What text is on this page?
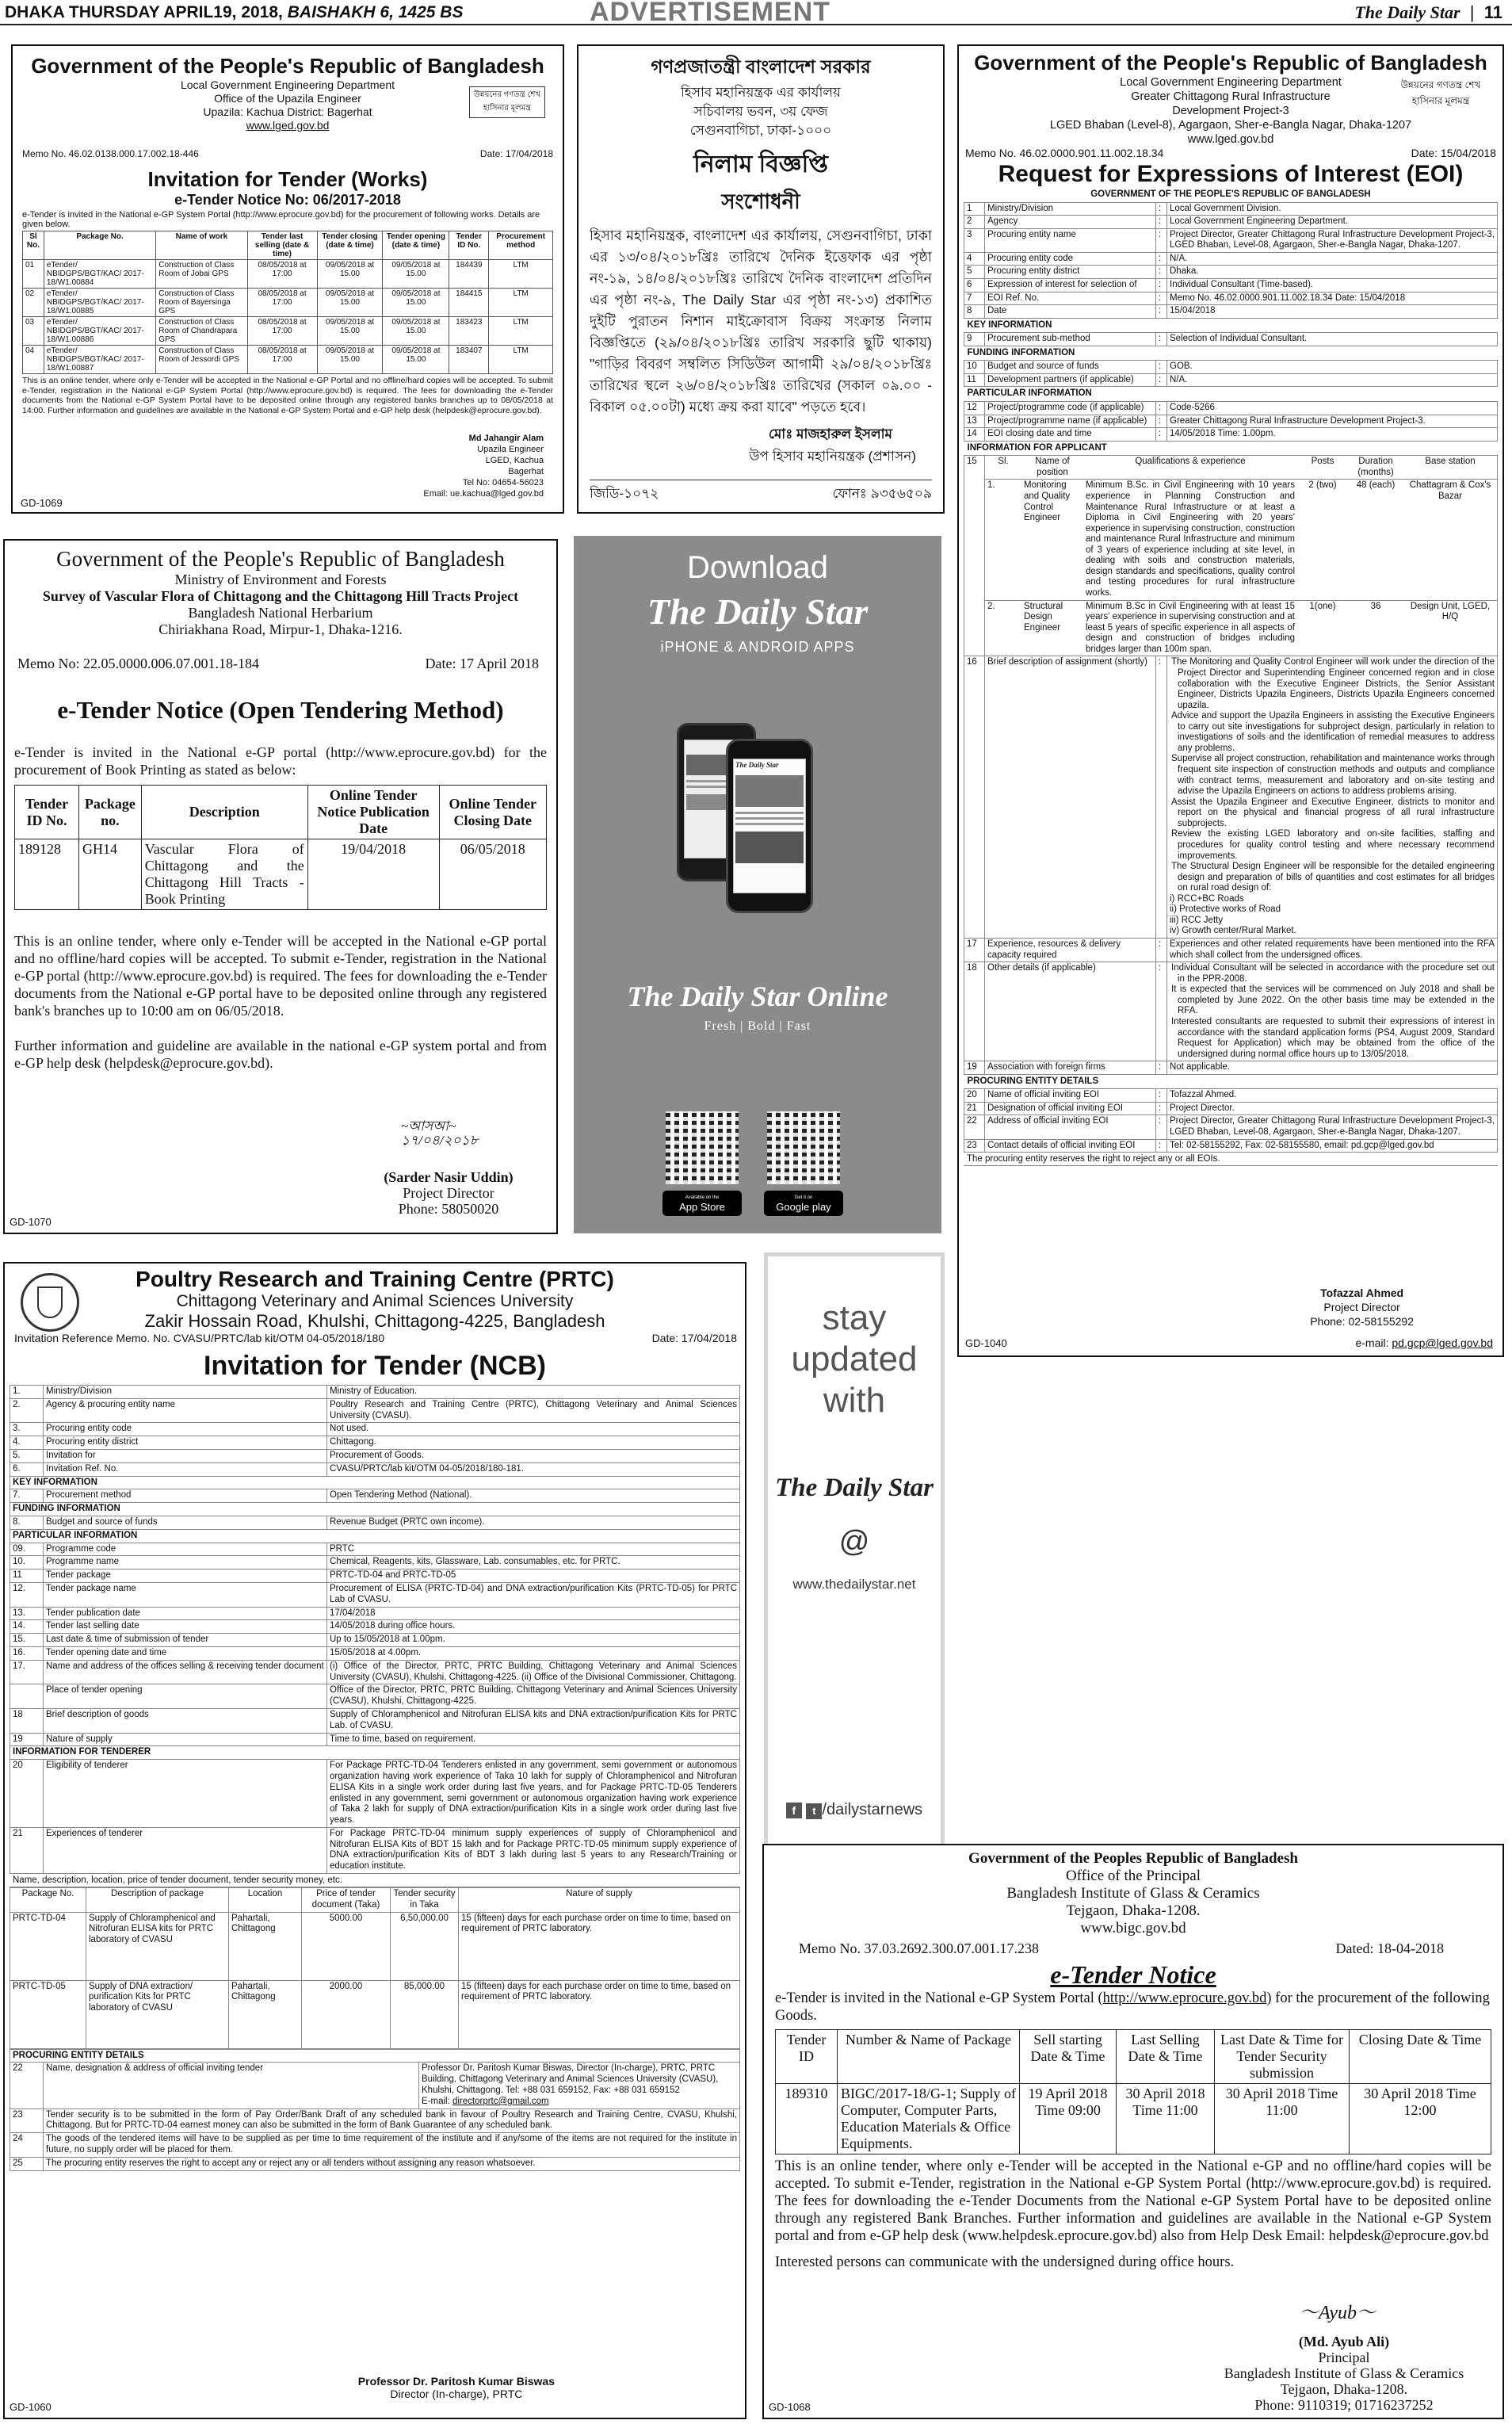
DHAKA THURSDAY APRIL19, 2018, BAISHAKH 6, 1425 BS	ADVERTISEMENT	The Daily Star  |  11
Government of the People's Republic of Bangladesh
Local Government Engineering Department
Office of the Upazila Engineer
Upazila: Kachua District: Bagerhat
www.lged.gov.bd
উন্নয়নের গণতন্ত্র শেখ হাসিনার মূলমন্ত্র
Memo No. 46.02.0138.000.17.002.18-446	Date: 17/04/2018
Invitation for Tender (Works)
e-Tender Notice No: 06/2017-2018
e-Tender is invited in the National e-GP System Portal (http://www.eprocure.gov.bd) for the procurement of following works. Details are given below.
Sl No.	Package No.	Name of work	Tender last selling (date & time)	Tender closing (date & time)	Tender opening (date & time)	Tender ID No.	Procurement method
01	eTender/ NBIDGPS/BGT/KAC/ 2017-18/W1.00884	Construction of Class Room of Jobai GPS	08/05/2018 at 17:00	09/05/2018 at 15.00	09/05/2018 at 15.00	184439	LTM
02	eTender/ NBIDGPS/BGT/KAC/ 2017-18/W1.00885	Construction of Class Room of Bayersinga GPS	08/05/2018 at 17:00	09/05/2018 at 15.00	09/05/2018 at 15.00	184415	LTM
03	eTender/ NBIDGPS/BGT/KAC/ 2017-18/W1.00886	Construction of Class Room of Chandrapara GPS	08/05/2018 at 17:00	09/05/2018 at 15.00	09/05/2018 at 15.00	183423	LTM
04	eTender/ NBIDGPS/BGT/KAC/ 2017-18/W1.00887	Construction of Class Room of Jessordi GPS	08/05/2018 at 17:00	09/05/2018 at 15.00	09/05/2018 at 15.00	183407	LTM
This is an online tender, where only e-Tender will be accepted in the National e-GP Portal and no offline/hard copies will be accepted. To submit e-Tender, registration in the National e-GP System Portal (http://www.eprocure.gov.bd) is required. The fees for downloading the e-Tender documents from the National e-GP System Portal have to be deposited online through any registered banks branches up to 08/05/2018 at 14:00. Further information and guidelines are available in the National e-GP System Portal and e-GP help desk (helpdesk@eprocure.gov.bd).
Md Jahangir Alam
Upazila Engineer
LGED, Kachua
Bagerhat
Tel No: 04654-56023
Email: ue.kachua@lged.gov.bd
GD-1069
গণপ্রজাতন্ত্রী বাংলাদেশ সরকার
হিসাব মহানিয়ন্ত্রক এর কার্যালয়
সচিবালয় ভবন, ৩য় ফেজ
সেগুনবাগিচা, ঢাকা-১০০০
নিলাম বিজ্ঞপ্তি
সংশোধনী
হিসাব মহানিয়ন্ত্রক, বাংলাদেশ এর কার্যালয়, সেগুনবাগিচা, ঢাকা এর ১৩/০৪/২০১৮খ্রিঃ তারিখে দৈনিক ইত্তেফাক এর পৃষ্ঠা নং-১৯, ১৪/০৪/২০১৮খ্রিঃ তারিখে দৈনিক বাংলাদেশ প্রতিদিন এর পৃষ্ঠা নং-৯, The Daily Star এর পৃষ্ঠা নং-১৩) প্রকাশিত দুইটি পুরাতন নিশান মাইক্রোবাস বিক্রয় সংক্রান্ত নিলাম বিজ্ঞপ্তিতে (২৯/০৪/২০১৮খ্রিঃ তারিখ সরকারি ছুটি থাকায়) "গাড়ির বিবরণ সম্বলিত সিডিউল আগামী ২৯/০৪/২০১৮খ্রিঃ তারিখের স্থলে ২৬/০৪/২০১৮খ্রিঃ তারিখের (সকাল ০৯.০০ - বিকাল ০৫.০০টা) মধ্যে ক্রয় করা যাবে" পড়তে হবে।
মোঃ মাজহারুল ইসলাম
উপ হিসাব মহানিয়ন্ত্রক (প্রশাসন)
জিডি-১০৭২	ফোনঃ ৯৩৫৬৫০৯
Government of the People's Republic of Bangladesh
Local Government Engineering Department
Greater Chittagong Rural Infrastructure
Development Project-3
LGED Bhaban (Level-8), Agargaon, Sher-e-Bangla Nagar, Dhaka-1207
www.lged.gov.bd
উন্নয়নের গণতন্ত্র শেখ হাসিনার মূলমন্ত্র
Memo No. 46.02.0000.901.11.002.18.34	Date: 15/04/2018
Request for Expressions of Interest (EOI)
GOVERNMENT OF THE PEOPLE'S REPUBLIC OF BANGLADESH
1	Ministry/Division	:	Local Government Division.
2	Agency	:	Local Government Engineering Department.
3	Procuring entity name	:	Project Director, Greater Chittagong Rural Infrastructure Development Project-3, LGED Bhaban, Level-08, Agargaon, Sher-e-Bangla Nagar, Dhaka-1207.
4	Procuring entity code	:	N/A.
5	Procuring entity district	:	Dhaka.
6	Expression of interest for selection of	:	Individual Consultant (Time-based).
7	EOI Ref. No.	:	Memo No. 46.02.0000.901.11.002.18.34 Date: 15/04/2018
8	Date	:	15/04/2018
KEY INFORMATION
9	Procurement sub-method	:	Selection of Individual Consultant.
FUNDING INFORMATION
10	Budget and source of funds	:	GOB.
11	Development partners (if applicable)	:	N/A.
PARTICULAR INFORMATION
12	Project/programme code (if applicable)	:	Code-5266
13	Project/programme name (if applicable)	:	Greater Chittagong Rural Infrastructure Development Project-3.
14	EOI closing date and time	:	14/05/2018 Time: 1.00pm.
INFORMATION FOR APPLICANT
15	Sl.	Name of position	Qualifications & experience	Posts	Duration (months)	Base station
1.	Monitoring and Quality Control Engineer	Minimum B.Sc. in Civil Engineering with 10 years experience in Planning Construction and Maintenance Rural Infrastructure or at least a Diploma in Civil Engineering with 20 years' experience in supervising construction, construction and maintenance Rural Infrastructure and minimum of 3 years of experience including at site level, in dealing with soils and construction materials, design standards and specifications, quality control and testing procedures for rural infrastructure works.	2 (two)	48 (each)	Chattagram & Cox's Bazar
2.	Structural Design Engineer	Minimum B.Sc in Civil Engineering with at least 15 years' experience in supervising construction and at least 5 years of specific experience in all aspects of design and construction of bridges including bridges larger than 100m span.	1(one)	36	Design Unit, LGED, H/Q

16	Brief description of assignment (shortly)	:	The Monitoring and Quality Control Engineer will work under the direction of the Project Director and Superintending Engineer concerned region and in close collaboration with the Executive Engineer Districts, the Senior Assistant Engineer, Districts Upazila Engineers, Districts Upazila Engineers concerned upazila.
Advice and support the Upazila Engineers in assisting the Executive Engineers to carry out site investigations for subproject design, particularly in relation to investigations of soils and the identification of remedial measures to address any problems.
Supervise all project construction, rehabilitation and maintenance works through frequent site inspection of construction methods and outputs and compliance with contract terms, measurement and laboratory and on-site testing and advise the Upazila Engineers on actions to address problems arising.
Assist the Upazila Engineer and Executive Engineer, districts to monitor and report on the physical and financial progress of all rural infrastructure subprojects.
Review the existing LGED laboratory and on-site facilities, staffing and procedures for quality control testing and where necessary recommend improvements.
The Structural Design Engineer will be responsible for the detailed engineering design and preparation of bills of quantities and cost estimates for all bridges on rural road design of:
i) RCC+BC Roads
ii) Protective works of Road
iii) RCC Jetty
iv) Growth center/Rural Market.

17	Experience, resources & delivery capacity required	:	Experiences and other related requirements have been mentioned into the RFA which shall collect from the undersigned offices.
18	Other details (if applicable)	:	Individual Consultant will be selected in accordance with the procedure set out in the PPR-2008.
It is expected that the services will be commenced on July 2018 and shall be completed by June 2022. On the other basis time may be extended in the RFA.
Interested consultants are requested to submit their expressions of interest in accordance with the standard application forms (PS4, August 2009, Standard Request for Application) which may be obtained from the office of the undersigned during normal office hours up to 13/05/2018.

19	Association with foreign firms	:	Not applicable.
PROCURING ENTITY DETAILS
20	Name of official inviting EOI	:	Tofazzal Ahmed.
21	Designation of official inviting EOI	:	Project Director.
22	Address of official inviting EOI	:	Project Director, Greater Chittagong Rural Infrastructure Development Project-3, LGED Bhaban, Level-08, Agargaon, Sher-e-Bangla Nagar, Dhaka-1207.
23	Contact details of official inviting EOI	:	Tel: 02-58155292, Fax: 02-58155580, email: pd.gcp@lged.gov.bd
The procuring entity reserves the right to reject any or all EOIs.
Tofazzal Ahmed
Project Director
Phone: 02-58155292
e-mail: pd.gcp@lged.gov.bd
GD-1040
Government of the People's Republic of Bangladesh
Ministry of Environment and Forests
Survey of Vascular Flora of Chittagong and the Chittagong Hill Tracts Project
Bangladesh National Herbarium
Chiriakhana Road, Mirpur-1, Dhaka-1216.
Memo No: 22.05.0000.006.07.001.18-184	Date: 17 April 2018
e-Tender Notice (Open Tendering Method)
e-Tender is invited in the National e-GP portal (http://www.eprocure.gov.bd) for the procurement of Book Printing as stated as below:
Tender ID No.	Package no.	Description	Online Tender Notice Publication Date	Online Tender Closing Date
189128	GH14	Vascular Flora of Chittagong and the Chittagong Hill Tracts - Book Printing	19/04/2018	06/05/2018
This is an online tender, where only e-Tender will be accepted in the National e-GP portal and no offline/hard copies will be accepted. To submit e-Tender, registration in the National e-GP portal (http://www.eprocure.gov.bd) is required. The fees for downloading the e-Tender documents from the National e-GP portal have to be deposited online through any registered bank's branches up to 10:00 am on 06/05/2018.
Further information and guideline are available in the national e-GP system portal and from e-GP help desk (helpdesk@eprocure.gov.bd).
~আসআ~
১৭/০৪/২০১৮
(Sarder Nasir Uddin)
Project Director
Phone: 58050020
GD-1070
Download
The Daily Star
iPHONE & ANDROID APPS
The Daily Star
The Daily Star Online
Fresh | Bold | Fast
Available on the
App Store
Get it on
Google play
stay
updated
with
The Daily Star
@
www.thedailystar.net
f t /dailystarnews
Poultry Research and Training Centre (PRTC)
Chittagong Veterinary and Animal Sciences University
Zakir Hossain Road, Khulshi, Chittagong-4225, Bangladesh
Invitation Reference Memo. No. CVASU/PRTC/lab kit/OTM 04-05/2018/180	Date: 17/04/2018
Invitation for Tender (NCB)
1.	Ministry/Division	Ministry of Education.
2.	Agency & procuring entity name	Poultry Research and Training Centre (PRTC), Chittagong Veterinary and Animal Sciences University (CVASU).
3.	Procuring entity code	Not used.
4.	Procuring entity district	Chittagong.
5.	Invitation for	Procurement of Goods.
6.	Invitation Ref. No.	CVASU/PRTC/lab kit/OTM 04-05/2018/180-181.
KEY INFORMATION		
7.	Procurement method	Open Tendering Method (National).
FUNDING INFORMATION		
8.	Budget and source of funds	Revenue Budget (PRTC own income).
PARTICULAR INFORMATION		
09.	Programme code	PRTC
10.	Programme name	Chemical, Reagents, kits, Glassware, Lab. consumables, etc. for PRTC.
11	Tender package	PRTC-TD-04 and PRTC-TD-05
12.	Tender package name	Procurement of ELISA (PRTC-TD-04) and DNA extraction/purification Kits (PRTC-TD-05) for PRTC Lab of CVASU.
13.	Tender publication date	17/04/2018
14.	Tender last selling date	14/05/2018 during office hours.
15.	Last date & time of submission of tender	Up to 15/05/2018 at 1.00pm.
16.	Tender opening date and time	15/05/2018 at 4.00pm.
17.	Name and address of the offices selling & receiving tender document	(i) Office of the Director, PRTC, PRTC Building, Chittagong Veterinary and Animal Sciences University (CVASU), Khulshi, Chittagong-4225. (ii) Office of the Divisional Commissioner, Chittagong.
	Place of tender opening	Office of the Director, PRTC, PRTC Building, Chittagong Veterinary and Animal Sciences University (CVASU), Khulshi, Chittagong-4225.
18	Brief description of goods	Supply of Chloramphenicol and Nitrofuran ELISA kits and DNA extraction/purification Kits for PRTC Lab. of CVASU.
19	Nature of supply	Time to time, based on requirement.
INFORMATION FOR TENDERER		
20	Eligibility of tenderer	For Package PRTC-TD-04 Tenderers enlisted in any government, semi government or autonomous organization having work experience of Taka 10 lakh for supply of Chloramphenicol and Nitrofuran ELISA Kits in a single work order during last five years, and for Package PRTC-TD-05 Tenderers enlisted in any government, semi government or autonomous organization having work experience of Taka 2 lakh for supply of DNA extraction/purification Kits in a single work order during last five years.
21	Experiences of tenderer	For Package PRTC-TD-04 minimum supply experiences of supply of Chloramphenicol and Nitrofuran ELISA Kits of BDT 15 lakh and for Package PRTC-TD-05 minimum supply experience of DNA extraction/purification Kits of BDT 3 lakh during last 5 years to any Research/Training or education institute.
Name, description, location, price of tender document, tender security money, etc.
Package No.	Description of package	Location	Price of tender document (Taka)	Tender security in Taka	Nature of supply
PRTC-TD-04	Supply of Chloramphenicol and Nitrofuran ELISA kits for PRTC laboratory of CVASU	Pahartali, Chittagong	5000.00	6,50,000.00	15 (fifteen) days for each purchase order on time to time, based on requirement of PRTC laboratory.
PRTC-TD-05	Supply of DNA extraction/ purification Kits for PRTC laboratory of CVASU	Pahartali, Chittagong	2000.00	85,000.00	15 (fifteen) days for each purchase order on time to time, based on requirement of PRTC laboratory.
PROCURING ENTITY DETAILS		
22	Name, designation & address of official inviting tender	Professor Dr. Paritosh Kumar Biswas, Director (In-charge), PRTC, PRTC Building, Chittagong Veterinary and Animal Sciences University (CVASU), Khulshi, Chittagong. Tel: +88 031 659152, Fax: +88 031 659152
E-mail: directorprtc@gmail.com
23	Tender security is to be submitted in the form of Pay Order/Bank Draft of any scheduled bank in favour of Poultry Research and Training Centre, CVASU, Khulshi, Chittagong. But for PRTC-TD-04 earnest money can also be submitted in the form of Bank Guarantee of any scheduled bank.	
24	The goods of the tendered items will have to be supplied as per time to time requirement of the institute and if any/some of the items are not required for the institute in future, no supply order will be placed for them.	
25	The procuring entity reserves the right to accept any or reject any or all tenders without assigning any reason whatsoever.	
Professor Dr. Paritosh Kumar Biswas
Director (In-charge), PRTC
GD-1060
Government of the Peoples Republic of Bangladesh
Office of the Principal
Bangladesh Institute of Glass & Ceramics
Tejgaon, Dhaka-1208.
www.bigc.gov.bd
Memo No. 37.03.2692.300.07.001.17.238	Dated: 18-04-2018
e-Tender Notice
e-Tender is invited in the National e-GP System Portal (http://www.eprocure.gov.bd) for the procurement of the following Goods.
Tender ID	Number & Name of Package	Sell starting Date & Time	Last Selling Date & Time	Last Date & Time for Tender Security submission	Closing Date & Time
189310	BIGC/2017-18/G-1; Supply of Computer, Computer Parts, Education Materials & Office Equipments.	19 April 2018 Time 09:00	30 April 2018 Time 11:00	30 April 2018 Time 11:00	30 April 2018 Time 12:00
This is an online tender, where only e-Tender will be accepted in the National e-GP and no offline/hard copies will be accepted. To submit e-Tender, registration in the National e-GP System Portal (http://www.eprocure.gov.bd) is required. The fees for downloading the e-Tender Documents from the National e-GP System Portal have to be deposited online through any registered Bank Branches. Further information and guidelines are available in the National e-GP System portal and from e-GP help desk (www.helpdesk.eprocure.gov.bd) also from Help Desk Email: helpdesk@eprocure.gov.bd
Interested persons can communicate with the undersigned during office hours.
〜Ayub〜
(Md. Ayub Ali)
Principal
Bangladesh Institute of Glass & Ceramics
Tejgaon, Dhaka-1208.
Phone: 9110319; 01716237252
GD-1068
